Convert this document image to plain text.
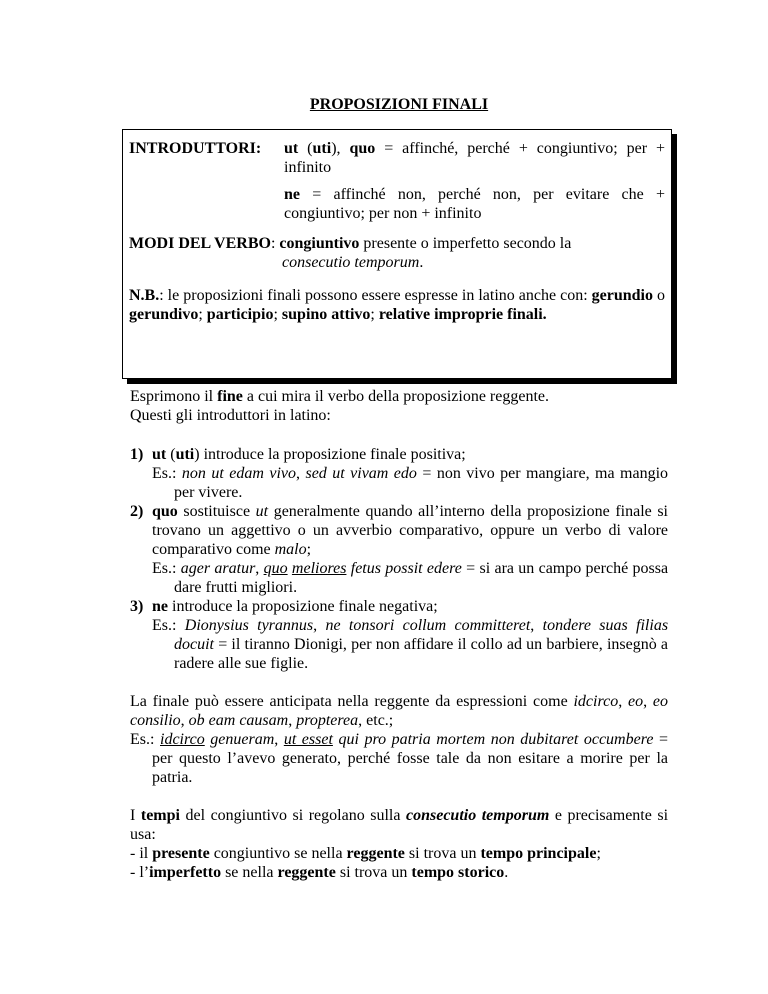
PROPOSIZIONI FINALI
INTRODUTTORI:	ut (uti), quo = affinché, perché + congiuntivo; per + infinito
ne = affinché non, perché non, per evitare che + congiuntivo; per non + infinito
MODI DEL VERBO: congiuntivo presente o imperfetto secondo la
consecutio temporum.
N.B.: le proposizioni finali possono essere espresse in latino anche con: gerundio o gerundivo; participio; supino attivo; relative improprie finali.
Esprimono il fine a cui mira il verbo della proposizione reggente.
Questi gli introduttori in latino:
1) ut (uti) introduce la proposizione finale positiva;
Es.: non ut edam vivo, sed ut vivam edo = non vivo per mangiare, ma mangio per vivere.
2) quo sostituisce ut generalmente quando all’interno della proposizione finale si trovano un aggettivo o un avverbio comparativo, oppure un verbo di valore comparativo come malo;
Es.: ager aratur, quo meliores fetus possit edere = si ara un campo perché possa dare frutti migliori.
3) ne introduce la proposizione finale negativa;
Es.: Dionysius tyrannus, ne tonsori collum committeret, tondere suas filias docuit = il tiranno Dionigi, per non affidare il collo ad un barbiere, insegnò a radere alle sue figlie.
La finale può essere anticipata nella reggente da espressioni come idcirco, eo, eo consilio, ob eam causam, propterea, etc.;
Es.: idcirco genueram, ut esset qui pro patria mortem non dubitaret occumbere = per questo l’avevo generato, perché fosse tale da non esitare a morire per la patria.
I tempi del congiuntivo si regolano sulla consecutio temporum e precisamente si usa:
- il presente congiuntivo se nella reggente si trova un tempo principale;
- l’imperfetto se nella reggente si trova un tempo storico.
